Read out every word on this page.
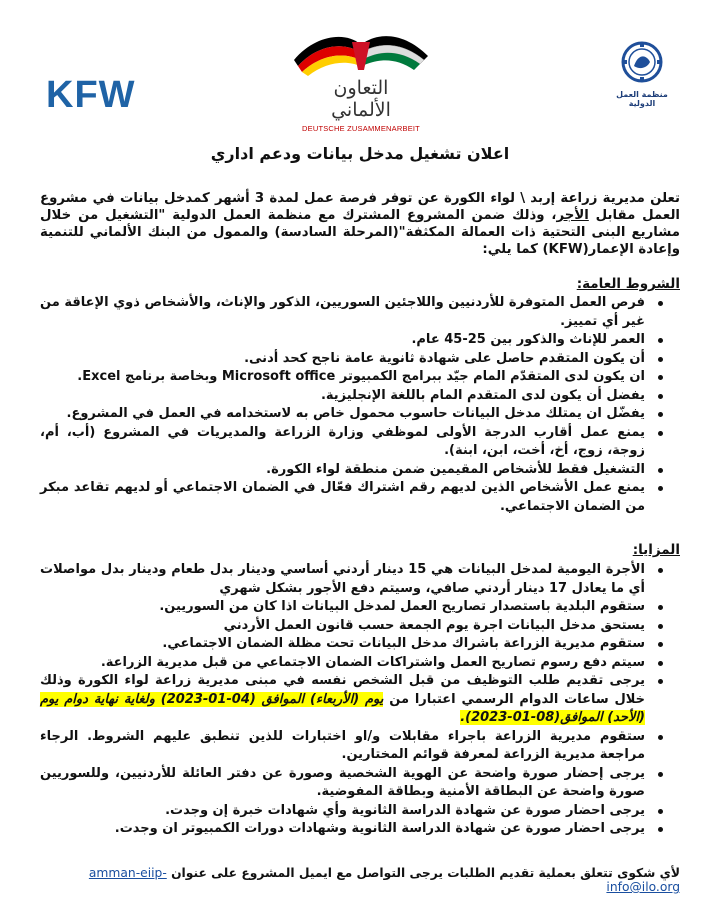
KFW	التعاون
الألماني
DEUTSCHE ZUSAMMENARBEIT
منظمة العمل الدولية
اعلان تشغيل مدخل بيانات ودعم اداري
تعلن مديرية زراعة إربد \ لواء الكورة عن توفر فرصة عمل لمدة 3 أشهر كمدخل بيانات في مشروع العمل مقابل الأجر، وذلك ضمن المشروع المشترك مع منظمة العمل الدولية "التشغيل من خلال مشاريع البنى التحتية ذات العمالة المكثفة"(المرحلة السادسة) والممول من البنك الألماني للتنمية وإعادة الإعمار(KFW) كما يلي:
الشروط العامة:
فرص العمل المتوفرة للأردنيين واللاجئين السوريين، الذكور والإناث، والأشخاص ذوي الإعاقة من غير أي تمييز.
العمر للإناث والذكور بين 25-45 عام.
أن يكون المتقدم حاصل على شهادة ثانوية عامة ناجح كحد أدنى.
ان يكون لدى المتقدّم المام جيّد ببرامج الكمبيوتر Microsoft office وبخاصة برنامج Excel.
يفضل أن يكون لدى المتقدم المام باللغة الإنجليزية.
يفضّل ان يمتلك مدخل البيانات حاسوب محمول خاص به لاستخدامه في العمل في المشروع.
يمنع عمل أقارب الدرجة الأولى لموظفي وزارة الزراعة والمديريات في المشروع (أب، أم، زوجة، زوج، أخ، أخت، ابن، ابنة).
التشغيل فقط للأشخاص المقيمين ضمن منطقة لواء الكورة.
يمنع عمل الأشخاص الذين لديهم رقم اشتراك فعّال في الضمان الاجتماعي أو لديهم تقاعد مبكر من الضمان الاجتماعي.
المزايا:
الأجرة اليومية لمدخل البيانات هي 15 دينار أردني أساسي ودينار بدل طعام ودينار بدل مواصلات أي ما يعادل 17 دينار أردني صافي، وسيتم دفع الأجور بشكل شهري
ستقوم البلدية باستصدار تصاريح العمل لمدخل البيانات اذا كان من السوريين.
يستحق مدخل البيانات اجرة يوم الجمعة حسب قانون العمل الأردني
ستقوم مديرية الزراعة باشراك مدخل البيانات تحت مظلة الضمان الاجتماعي.
سيتم دفع رسوم تصاريح العمل واشتراكات الضمان الاجتماعي من قبل مديرية الزراعة.
يرجى تقديم طلب التوظيف من قبل الشخص نفسه في مبنى مديرية زراعة لواء الكورة وذلك خلال ساعات الدوام الرسمي اعتبارا من يوم (الأربعاء) الموافق (04-01-2023) ولغاية نهاية دوام يوم (الأحد) الموافق(08-01-2023).
ستقوم مديرية الزراعة باجراء مقابلات و/او اختبارات للذين تنطبق عليهم الشروط. الرجاء مراجعة مديرية الزراعة لمعرفة قوائم المختارين.
يرجى إحضار صورة واضحة عن الهوية الشخصية وصورة عن دفتر العائلة للأردنيين، وللسوريين صورة واضحة عن البطاقة الأمنية وبطاقة المفوضية.
يرجى احضار صورة عن شهادة الدراسة الثانوية وأي شهادات خبرة إن وجدت.
يرجى احضار صورة عن شهادة الدراسة الثانوية وشهادات دورات الكمبيوتر ان وجدت.
لأي شكوى تتعلق بعملية تقديم الطلبات يرجى التواصل مع ايميل المشروع على عنوان amman-eiip-info@ilo.org
